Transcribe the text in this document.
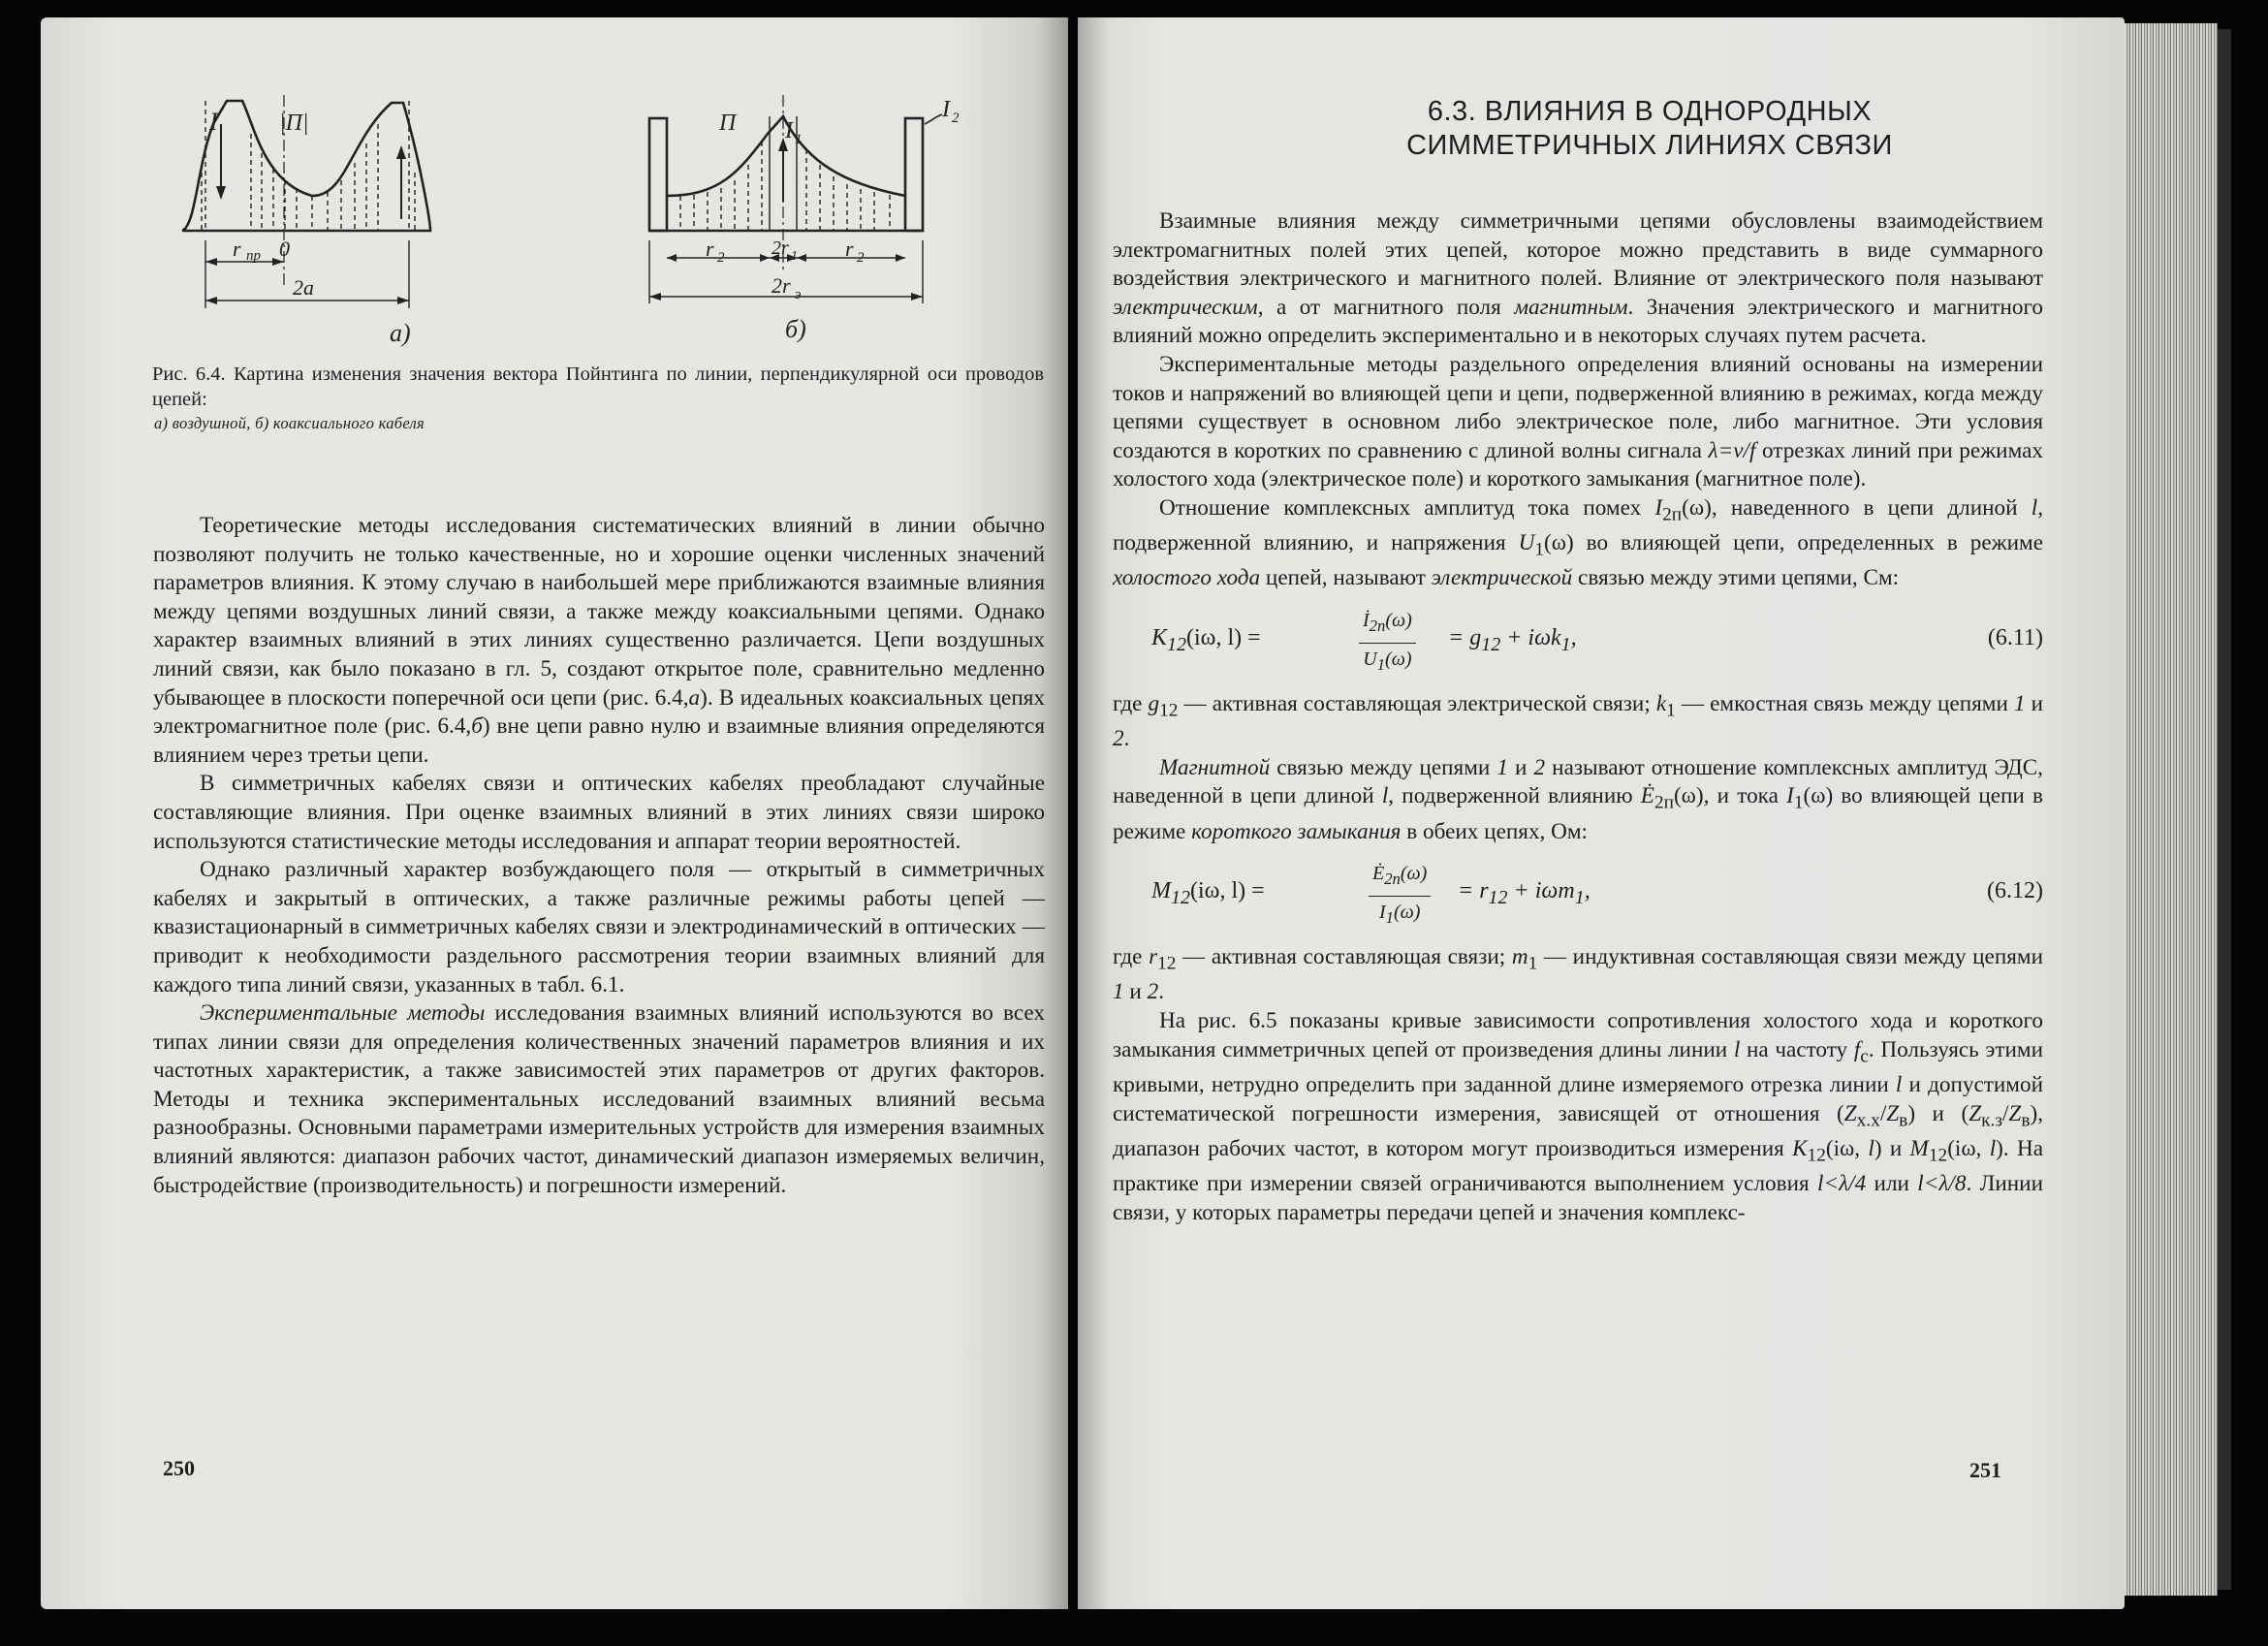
I	|П|
r пр 0
2a
а)
П I 1
I 2
r 2 2r 1 r 2
2r э
б)
Рис. 6.4. Картина изменения значения вектора Пойнтинга по линии, перпендикулярной оси проводов цепей:
а) воздушной, б) коаксиального кабеля

Теоретические методы исследования систематических влияний в линии обычно позволяют получить не только качественные, но и хорошие оценки численных значений параметров влияния. К этому случаю в наибольшей мере приближаются взаимные влияния между цепями воздушных линий связи, а также между коаксиальными цепями. Однако характер взаимных влияний в этих линиях существенно различается. Цепи воздушных линий связи, как было показано в гл. 5, создают открытое поле, сравнительно медленно убывающее в плоскости поперечной оси цепи (рис. 6.4,а). В идеальных коаксиальных цепях электромагнитное поле (рис. 6.4,б) вне цепи равно нулю и взаимные влияния определяются влиянием через третьи цепи.

В симметричных кабелях связи и оптических кабелях преобладают случайные составляющие влияния. При оценке взаимных влияний в этих линиях связи широко используются статистические методы исследования и аппарат теории вероятностей.

Однако различный характер возбуждающего поля — открытый в симметричных кабелях и закрытый в оптических, а также различные режимы работы цепей — квазистационарный в симметричных кабелях связи и электродинамический в оптических — приводит к необходимости раздельного рассмотрения теории взаимных влияний для каждого типа линий связи, указанных в табл. 6.1.

Экспериментальные методы исследования взаимных влияний используются во всех типах линии связи для определения количественных значений параметров влияния и их частотных характеристик, а также зависимостей этих параметров от других факторов. Методы и техника экспериментальных исследований взаимных влияний весьма разнообразны. Основными параметрами измерительных устройств для измерения взаимных влияний являются: диапазон рабочих частот, динамический диапазон измеряемых величин, быстродействие (производительность) и погрешности измерений.

250
6.3. ВЛИЯНИЯ В ОДНОРОДНЫХ
СИММЕТРИЧНЫХ ЛИНИЯХ СВЯЗИ

Взаимные влияния между симметричными цепями обусловлены взаимодействием электромагнитных полей этих цепей, которое можно представить в виде суммарного воздействия электрического и магнитного полей. Влияние от электрического поля называют электрическим, а от магнитного поля магнитным. Значения электрического и магнитного влияний можно определить экспериментально и в некоторых случаях путем расчета.

Экспериментальные методы раздельного определения влияний основаны на измерении токов и напряжений во влияющей цепи и цепи, подверженной влиянию в режимах, когда между цепями существует в основном либо электрическое поле, либо магнитное. Эти условия создаются в коротких по сравнению с длиной волны сигнала λ=v/f отрезках линий при режимах холостого хода (электрическое поле) и короткого замыкания (магнитное поле).

Отношение комплексных амплитуд тока помех $I_{2п}(\omega)$, наведенного в цепи длиной l, подверженной влиянию, и напряжения $U_1(\omega)$ во влияющей цепи, определенных в режиме холостого хода цепей, называют электрической связью между этими цепями, См:

$K_{12}(i\omega$, l) =
$İ_{2п}(\omega)$
$U_1(\omega)$
= $g_{12} + i\omega k_1$,	(6.11)

где $g_{12}$ — активная составляющая электрической связи; $k_1$ — емкостная связь между цепями 1 и 2.

Магнитной связью между цепями 1 и 2 называют отношение комплексных амплитуд ЭДС, наведенной в цепи длиной l, подверженной влиянию $Ė_{2п}(\omega)$, и тока $I_1(\omega)$ во влияющей цепи в режиме короткого замыкания в обеих цепях, Ом:

$M_{12}(i\omega$, l) =
$Ė_{2п}(\omega)$
$I_1(\omega)$
= $r_{12} + i\omega m_1$,	(6.12)

где $r_{12}$ — активная составляющая связи; $m_1$ — индуктивная составляющая связи между цепями 1 и 2.

На рис. 6.5 показаны кривые зависимости сопротивления холостого хода и короткого замыкания симметричных цепей от произведения длины линии l на частоту $f_с$. Пользуясь этими кривыми, нетрудно определить при заданной длине измеряемого отрезка линии l и допустимой систематической погрешности измерения, зависящей от отношения $(Z_{х.х}/Z_в)$ и $(Z_{к.з}/Z_в)$, диапазон рабочих частот, в котором могут производиться измерения $K_{12}(i\omega$, l) и $M_{12}(i\omega$, l). На практике при измерении связей ограничиваются выполнением условия l<λ/4 или l<λ/8. Линии связи, у которых параметры передачи цепей и значения комплекс-

251
